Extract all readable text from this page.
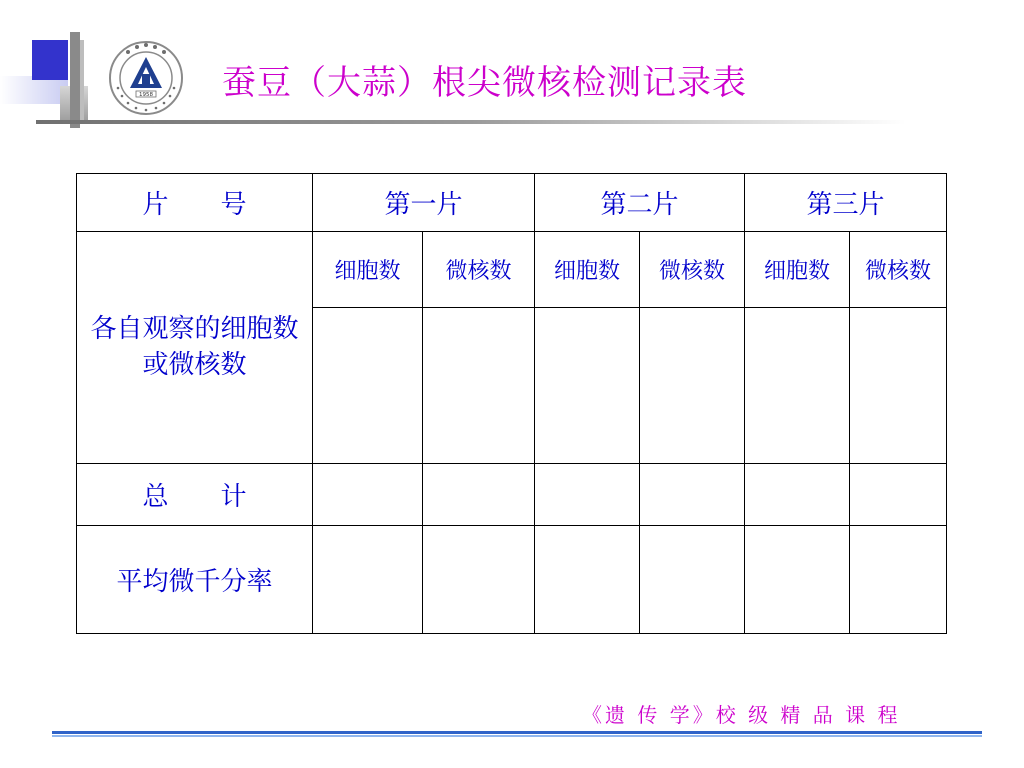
1958 蚕豆（大蒜）根尖微核检测记录表
片　　号	第一片		第二片		第三片	

各自观察的细胞数或微核数	细胞数	微核数	细胞数	微核数	细胞数	微核数

总　　计						
平均微千分率						
《遗 传 学》校 级 精 品 课 程
